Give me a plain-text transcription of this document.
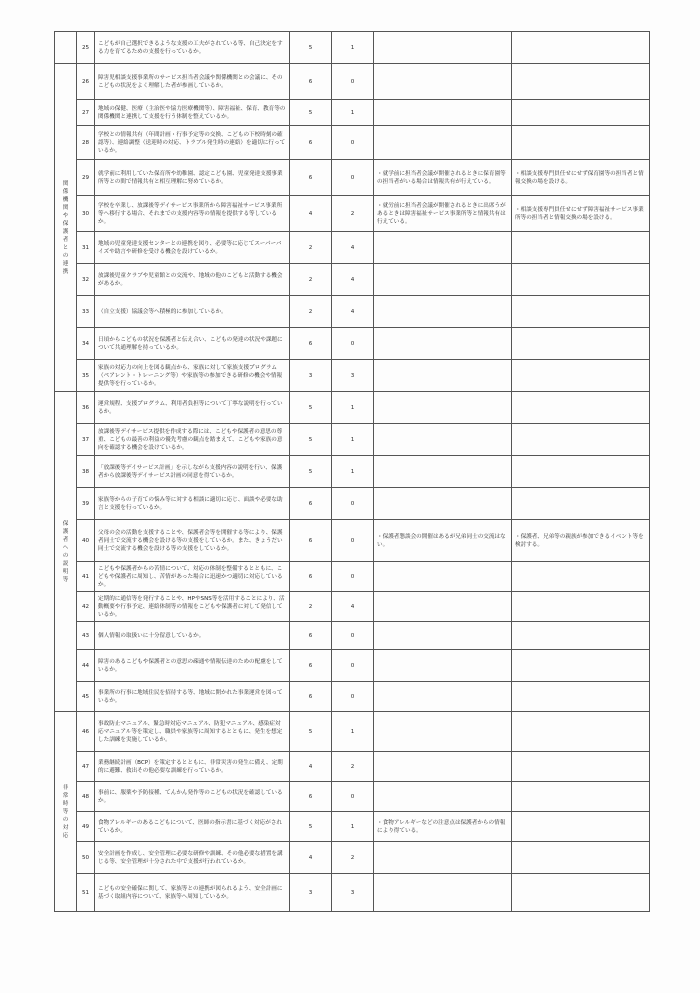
	25	こどもが自己選択できるような支援の工夫がされている等、自己決定をする力を育てるための支援を行っているか。	5	1		
関係機関や保護者との連携	26	障害児相談支援事業所のサービス担当者会議や関係機関との会議に、そのこどもの状況をよく理解した者が参画しているか。	6	0		
	27	地域の保健、医療（主治医や協力医療機関等）、障害福祉、保育、教育等の関係機関と連携して支援を行う体制を整えているか。	5	1		
	28	学校との情報共有（年間計画・行事予定等の交換、こどもの下校時刻の確認等）、連絡調整（送迎時の対応、トラブル発生時の連絡）を適切に行っているか。	6	0		
	29	就学前に利用していた保育所や幼稚園、認定こども園、児童発達支援事業所等との間で情報共有と相互理解に努めているか。	6	0	・就学前に担当者会議が開催されるときに保育園等の担当者がいる場合は情報共有が行えている。	・相談支援専門員任せにせず保育園等の担当者と情報交換の場を設ける。
	30	学校を卒業し、放課後等デイサービス事業所から障害福祉サービス事業所等へ移行する場合、それまでの支援内容等の情報を提供する等しているか。	4	2	・就労前に担当者会議が開催されるときに出席うがあるときは障害福祉サービス事業所等と情報共有は行えている。	・相談支援専門員任せにせず障害福祉サービス事業所等の担当者と情報交換の場を設ける。
	31	地域の児童発達支援センターとの連携を図り、必要等に応じてスーパーバイズや助言や研修を受ける機会を設けているか。	2	4		
	32	放課後児童クラブや児童館との交流や、地域の他のこどもと活動する機会があるか。	2	4		
	33	（自立支援）協議会等へ積極的に参加しているか。	2	4		
	34	日頃からこどもの状況を保護者と伝え合い、こどもの発達の状況や課題について共通理解を持っているか。	6	0		
	35	家族の対応力の向上を図る観点から、家族に対して家族支援プログラム（ペアレント・トレーニング等）や家族等の参加できる研修の機会や情報提供等を行っているか。	3	3		
保護者への説明等	36	運営規程、支援プログラム、利用者負担等について丁寧な説明を行っているか。	5	1		
	37	放課後等デイサービス提供を作成する際には、こどもや保護者の意思の尊重、こどもの最善の利益の優先考慮の観点を踏まえて、こどもや家族の意向を確認する機会を設けているか。	5	1		
	38	「放課後等デイサービス計画」を示しながら支援内容の説明を行い、保護者から放課後等デイサービス計画の同意を得ているか。	5	1		
	39	家族等からの子育ての悩み等に対する相談に適切に応じ、面談や必要な助言と支援を行っているか。	6	0		
	40	父母の会の活動を支援することや、保護者会等を開催する等により、保護者同士で交流する機会を設ける等の支援をしているか。また、きょうだい同士で交流する機会を設ける等の支援をしているか。	6	0	・保護者懇談会の開催はあるが兄弟同士の交流はない。	・保護者、兄弟等の親族が参加できるイベント等を検討する。
	41	こどもや保護者からの苦情について、対応の体制を整備するとともに、こどもや保護者に周知し、苦情があった場合に迅速かつ適切に対応しているか。	6	0		
	42	定期的に通信等を発行することや、HPやSNS等を活用することにより、活動概要や行事予定、連絡体制等の情報をこどもや保護者に対して発信しているか。	2	4		
	43	個人情報の取扱いに十分留意しているか。	6	0		
	44	障害のあるこどもや保護者との意思の疎通や情報伝達のための配慮をしているか。	6	0		
	45	事業所の行事に地域住民を招待する等、地域に開かれた事業運営を図っているか。	6	0		
非常時等の対応	46	事故防止マニュアル、緊急時対応マニュアル、防犯マニュアル、感染症対応マニュアル等を策定し、職員や家族等に周知するとともに、発生を想定した訓練を実施しているか。	5	1		
	47	業務継続計画（BCP）を策定するとともに、非常災害の発生に備え、定期的に避難、救出その他必要な訓練を行っているか。	4	2		
	48	事前に、服薬や予防接種、てんかん発作等のこどもの状況を確認しているか。	6	0		
	49	食物アレルギーのあるこどもについて、医師の指示書に基づく対応がされているか。	5	1	・食物アレルギーなどの注意点は保護者からの情報により得ている。	
	50	安全計画を作成し、安全管理に必要な研修や訓練、その他必要な措置を講じる等、安全管理が十分された中で支援が行われているか。	4	2		
	51	こどもの安全確保に関して、家族等との連携が図られるよう、安全計画に基づく取組内容について、家族等へ周知しているか。	3	3		
